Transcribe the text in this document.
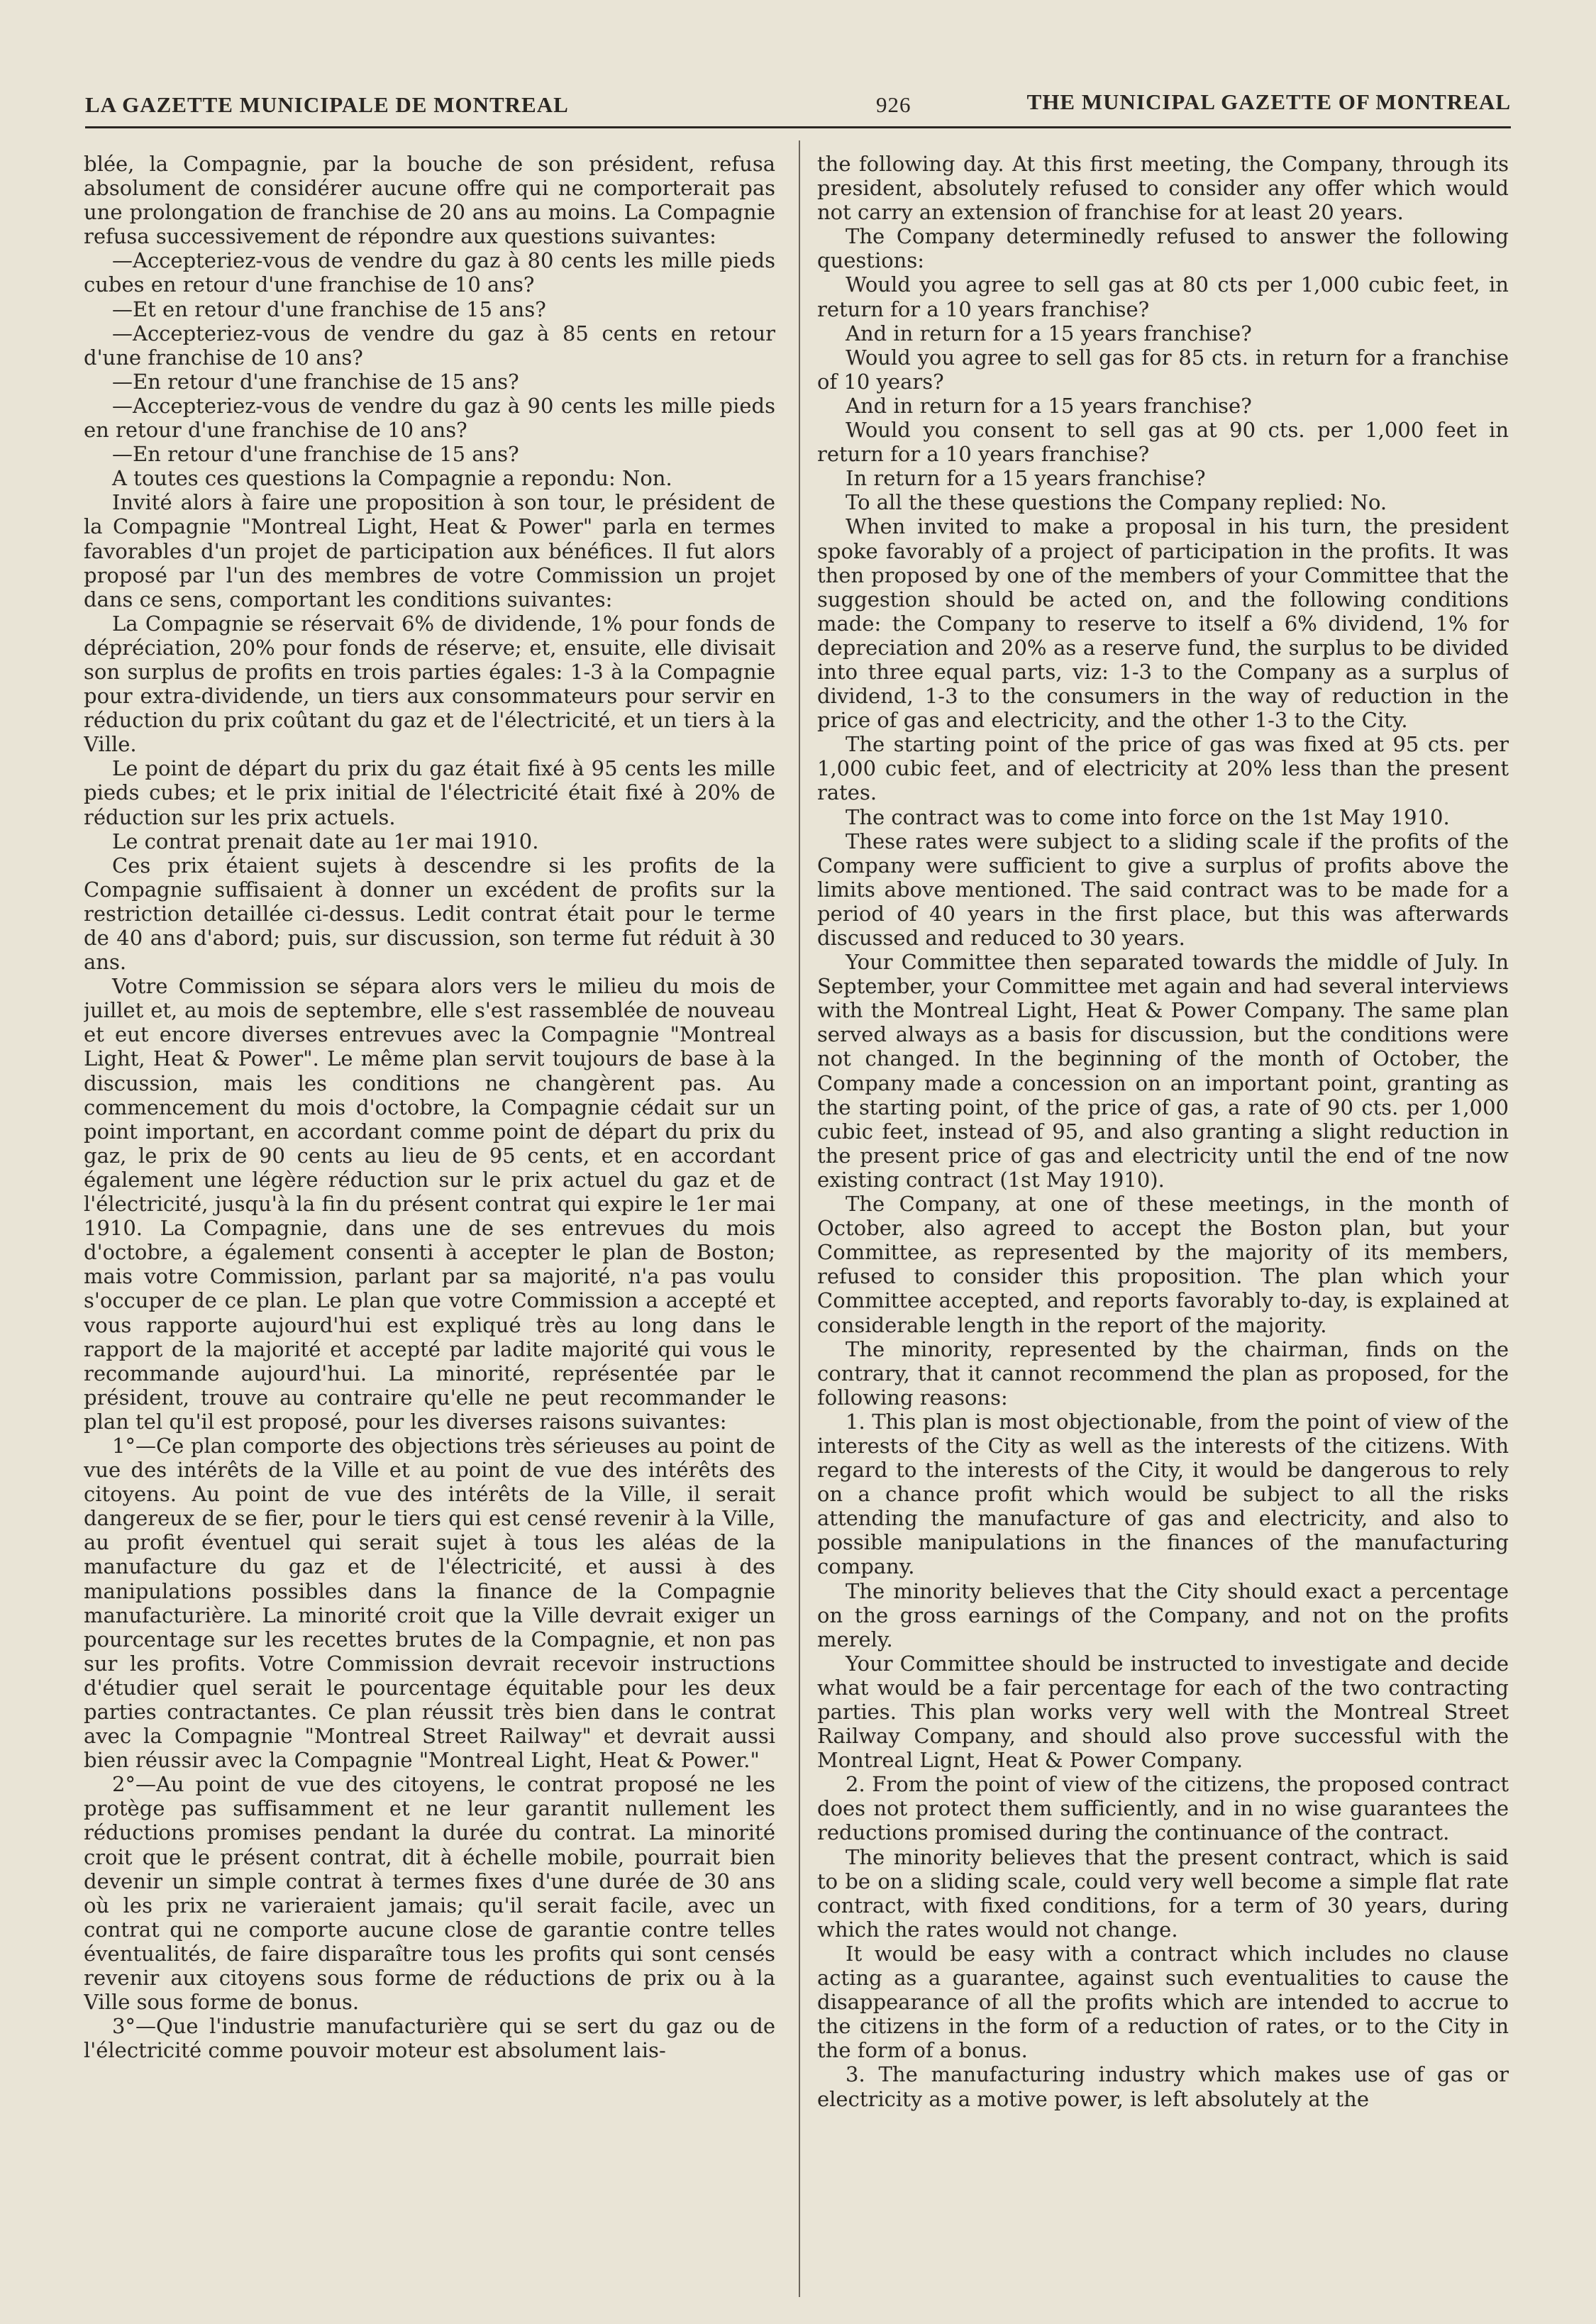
LA GAZETTE MUNICIPALE DE MONTREAL	926	THE MUNICIPAL GAZETTE OF MONTREAL

blée, la Compagnie, par la bouche de son président, refusa absolument de considérer aucune offre qui ne comporterait pas une prolongation de franchise de 20 ans au moins. La Compagnie refusa successivement de répondre aux questions suivantes:

—Accepteriez-vous de vendre du gaz à 80 cents les mille pieds cubes en retour d'une franchise de 10 ans?

—Et en retour d'une franchise de 15 ans?

—Accepteriez-vous de vendre du gaz à 85 cents en retour d'une franchise de 10 ans?

—En retour d'une franchise de 15 ans?

—Accepteriez-vous de vendre du gaz à 90 cents les mille pieds en retour d'une franchise de 10 ans?

—En retour d'une franchise de 15 ans?

A toutes ces questions la Compagnie a repondu: Non.

Invité alors à faire une proposition à son tour, le président de la Compagnie "Montreal Light, Heat & Power" parla en termes favorables d'un projet de participation aux bénéfices. Il fut alors proposé par l'un des membres de votre Commission un projet dans ce sens, comportant les conditions suivantes:

La Compagnie se réservait 6% de dividende, 1% pour fonds de dépréciation, 20% pour fonds de réserve; et, ensuite, elle divisait son surplus de profits en trois parties égales: 1-3 à la Compagnie pour extra-dividende, un tiers aux consommateurs pour servir en réduction du prix coûtant du gaz et de l'électricité, et un tiers à la Ville.

Le point de départ du prix du gaz était fixé à 95 cents les mille pieds cubes; et le prix initial de l'électricité était fixé à 20% de réduction sur les prix actuels.

Le contrat prenait date au 1er mai 1910.

Ces prix étaient sujets à descendre si les profits de la Compagnie suffisaient à donner un excédent de profits sur la restriction detaillée ci-dessus. Ledit contrat était pour le terme de 40 ans d'abord; puis, sur discussion, son terme fut réduit à 30 ans.

Votre Commission se sépara alors vers le milieu du mois de juillet et, au mois de septembre, elle s'est rassemblée de nouveau et eut encore diverses entrevues avec la Compagnie "Montreal Light, Heat & Power". Le même plan servit toujours de base à la discussion, mais les conditions ne changèrent pas. Au commencement du mois d'octobre, la Compagnie cédait sur un point important, en accordant comme point de départ du prix du gaz, le prix de 90 cents au lieu de 95 cents, et en accordant également une légère réduction sur le prix actuel du gaz et de l'électricité, jusqu'à la fin du présent contrat qui expire le 1er mai 1910. La Compagnie, dans une de ses entrevues du mois d'octobre, a également consenti à accepter le plan de Boston; mais votre Commission, parlant par sa majorité, n'a pas voulu s'occuper de ce plan. Le plan que votre Commission a accepté et vous rapporte aujourd'hui est expliqué très au long dans le rapport de la majorité et accepté par ladite majorité qui vous le recommande aujourd'hui. La minorité, représentée par le président, trouve au contraire qu'elle ne peut recommander le plan tel qu'il est proposé, pour les diverses raisons suivantes:

1°—Ce plan comporte des objections très sérieuses au point de vue des intérêts de la Ville et au point de vue des intérêts des citoyens. Au point de vue des intérêts de la Ville, il serait dangereux de se fier, pour le tiers qui est censé revenir à la Ville, au profit éventuel qui serait sujet à tous les aléas de la manufacture du gaz et de l'électricité, et aussi à des manipulations possibles dans la finance de la Compagnie manufacturière. La minorité croit que la Ville devrait exiger un pourcentage sur les recettes brutes de la Compagnie, et non pas sur les profits. Votre Commission devrait recevoir instructions d'étudier quel serait le pourcentage équitable pour les deux parties contractantes. Ce plan réussit très bien dans le contrat avec la Compagnie "Montreal Street Railway" et devrait aussi bien réussir avec la Compagnie "Montreal Light, Heat & Power."

2°—Au point de vue des citoyens, le contrat proposé ne les protège pas suffisamment et ne leur garantit nullement les réductions promises pendant la durée du contrat. La minorité croit que le présent contrat, dit à échelle mobile, pourrait bien devenir un simple contrat à termes fixes d'une durée de 30 ans où les prix ne varieraient jamais; qu'il serait facile, avec un contrat qui ne comporte aucune close de garantie contre telles éventualités, de faire disparaître tous les profits qui sont censés revenir aux citoyens sous forme de réductions de prix ou à la Ville sous forme de bonus.

3°—Que l'industrie manufacturière qui se sert du gaz ou de l'électricité comme pouvoir moteur est absolument lais-

the following day. At this first meeting, the Company, through its president, absolutely refused to consider any offer which would not carry an extension of franchise for at least 20 years.

The Company determinedly refused to answer the following questions:

Would you agree to sell gas at 80 cts per 1,000 cubic feet, in return for a 10 years franchise?

And in return for a 15 years franchise?

Would you agree to sell gas for 85 cts. in return for a franchise of 10 years?

And in return for a 15 years franchise?

Would you consent to sell gas at 90 cts. per 1,000 feet in return for a 10 years franchise?

In return for a 15 years franchise?

To all the these questions the Company replied: No.

When invited to make a proposal in his turn, the president spoke favorably of a project of participation in the profits. It was then proposed by one of the members of your Committee that the suggestion should be acted on, and the following conditions made: the Company to reserve to itself a 6% dividend, 1% for depreciation and 20% as a reserve fund, the surplus to be divided into three equal parts, viz: 1-3 to the Company as a surplus of dividend, 1-3 to the consumers in the way of reduction in the price of gas and electricity, and the other 1-3 to the City.

The starting point of the price of gas was fixed at 95 cts. per 1,000 cubic feet, and of electricity at 20% less than the present rates.

The contract was to come into force on the 1st May 1910.

These rates were subject to a sliding scale if the profits of the Company were sufficient to give a surplus of profits above the limits above mentioned. The said contract was to be made for a period of 40 years in the first place, but this was afterwards discussed and reduced to 30 years.

Your Committee then separated towards the middle of July. In September, your Committee met again and had several interviews with the Montreal Light, Heat & Power Company. The same plan served always as a basis for discussion, but the conditions were not changed. In the beginning of the month of October, the Company made a concession on an important point, granting as the starting point, of the price of gas, a rate of 90 cts. per 1,000 cubic feet, instead of 95, and also granting a slight reduction in the present price of gas and electricity until the end of tne now existing contract (1st May 1910).

The Company, at one of these meetings, in the month of October, also agreed to accept the Boston plan, but your Committee, as represented by the majority of its members, refused to consider this proposition. The plan which your Committee accepted, and reports favorably to-day, is explained at considerable length in the report of the majority.

The minority, represented by the chairman, finds on the contrary, that it cannot recommend the plan as proposed, for the following reasons:

1. This plan is most objectionable, from the point of view of the interests of the City as well as the interests of the citizens. With regard to the interests of the City, it would be dangerous to rely on a chance profit which would be subject to all the risks attending the manufacture of gas and electricity, and also to possible manipulations in the finances of the manufacturing company.

The minority believes that the City should exact a percentage on the gross earnings of the Company, and not on the profits merely.

Your Committee should be instructed to investigate and decide what would be a fair percentage for each of the two contracting parties. This plan works very well with the Montreal Street Railway Company, and should also prove successful with the Montreal Lignt, Heat & Power Company.

2. From the point of view of the citizens, the proposed contract does not protect them sufficiently, and in no wise guarantees the reductions promised during the continuance of the contract.

The minority believes that the present contract, which is said to be on a sliding scale, could very well become a simple flat rate contract, with fixed conditions, for a term of 30 years, during which the rates would not change.

It would be easy with a contract which includes no clause acting as a guarantee, against such eventualities to cause the disappearance of all the profits which are intended to accrue to the citizens in the form of a reduction of rates, or to the City in the form of a bonus.

3. The manufacturing industry which makes use of gas or electricity as a motive power, is left absolutely at the
